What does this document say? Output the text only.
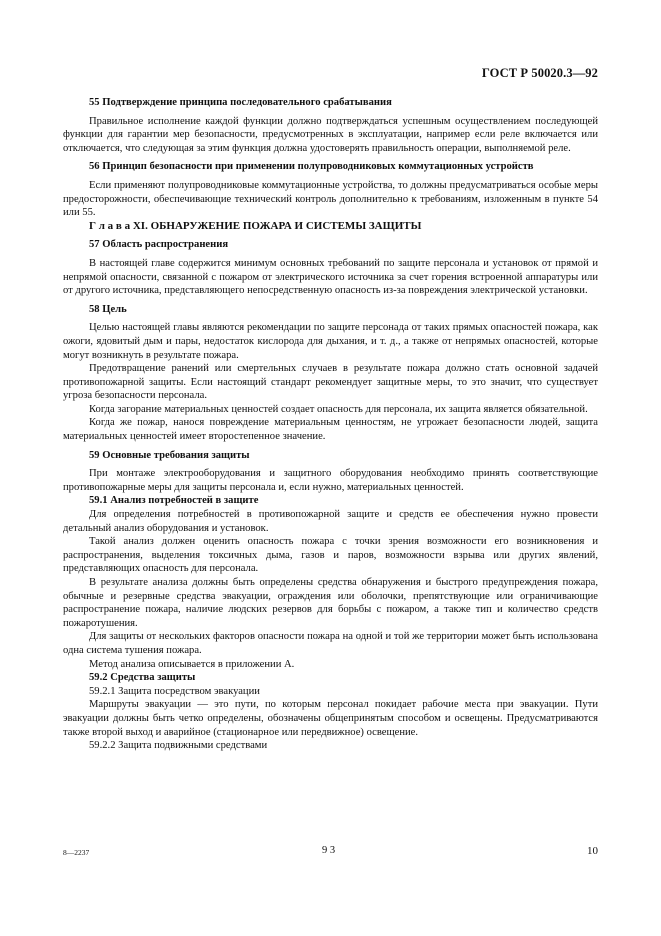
ГОСТ Р 50020.3—92

55 Подтверждение принципа последовательного срабатывания

Правильное исполнение каждой функции должно подтверждаться успешным осуществлением последующей функции для гарантии мер безопасности, предусмотренных в эксплуатации, например если реле включается или отключается, что следующая за этим функция должна удостоверять правильность операции, выполняемой реле.

56 Принцип безопасности при применении полупроводниковых коммутационных устройств

Если применяют полупроводниковые коммутационные устройства, то должны предусматриваться особые меры предосторожности, обеспечивающие технический контроль дополнительно к требованиям, изложенным в пункте 54 или 55.

Г л а в а XI. ОБНАРУЖЕНИЕ ПОЖАРА И СИСТЕМЫ ЗАЩИТЫ

57 Область распространения

В настоящей главе содержится минимум основных требований по защите персонала и установок от прямой и непрямой опасности, связанной с пожаром от электрического источника за счет горения встроенной аппаратуры или от другого источника, представляющего непосредственную опасность из-за повреждения электрической установки.

58 Цель

Целью настоящей главы являются рекомендации по защите персонада от таких прямых опасностей пожара, как ожоги, ядовитый дым и пары, недостаток кислорода для дыхания, и т. д., а также от непрямых опасностей, которые могут возникнуть в результате пожара.

Предотвращение ранений или смертельных случаев в результате пожара должно стать основной задачей противопожарной защиты. Если настоящий стандарт рекомендует защитные меры, то это значит, что существует угроза безопасности персонала.

Когда загорание материальных ценностей создает опасность для персонала, их защита является обязательной.

Когда же пожар, нанося повреждение материальным ценностям, не угрожает безопасности людей, защита материальных ценностей имеет второстепенное значение.

59 Основные требования защиты

При монтаже электрооборудования и защитного оборудования необходимо принять соответствующие противопожарные меры для защиты персонала и, если нужно, материальных ценностей.

59.1 Анализ потребностей в защите

Для определения потребностей в противопожарной защите и средств ее обеспечения нужно провести детальный анализ оборудования и установок.

Такой анализ должен оценить опасность пожара с точки зрения возможности его возникновения и распространения, выделения токсичных дыма, газов и паров, возможности взрыва или других явлений, представляющих опасность для персонала.

В результате анализа должны быть определены средства обнаружения и быстрого предупреждения пожара, обычные и резервные средства эвакуации, ограждения или оболочки, препятствующие или ограничивающие распространение пожара, наличие людских резервов для борьбы с пожаром, а также тип и количество средств пожаротушения.

Для защиты от нескольких факторов опасности пожара на одной и той же территории может быть использована одна система тушения пожара.

Метод анализа описывается в приложении А.

59.2 Средства защиты

59.2.1 Защита посредством эвакуации

Маршруты эвакуации — это пути, по которым персонал покидает рабочие места при эвакуации. Пути эвакуации должны быть четко определены, обозначены общепринятым способом и освещены. Предусматриваются также второй выход и аварийное (стационарное или передвижное) освещение.

59.2.2 Защита подвижными средствами

8—2237	9 3	10
